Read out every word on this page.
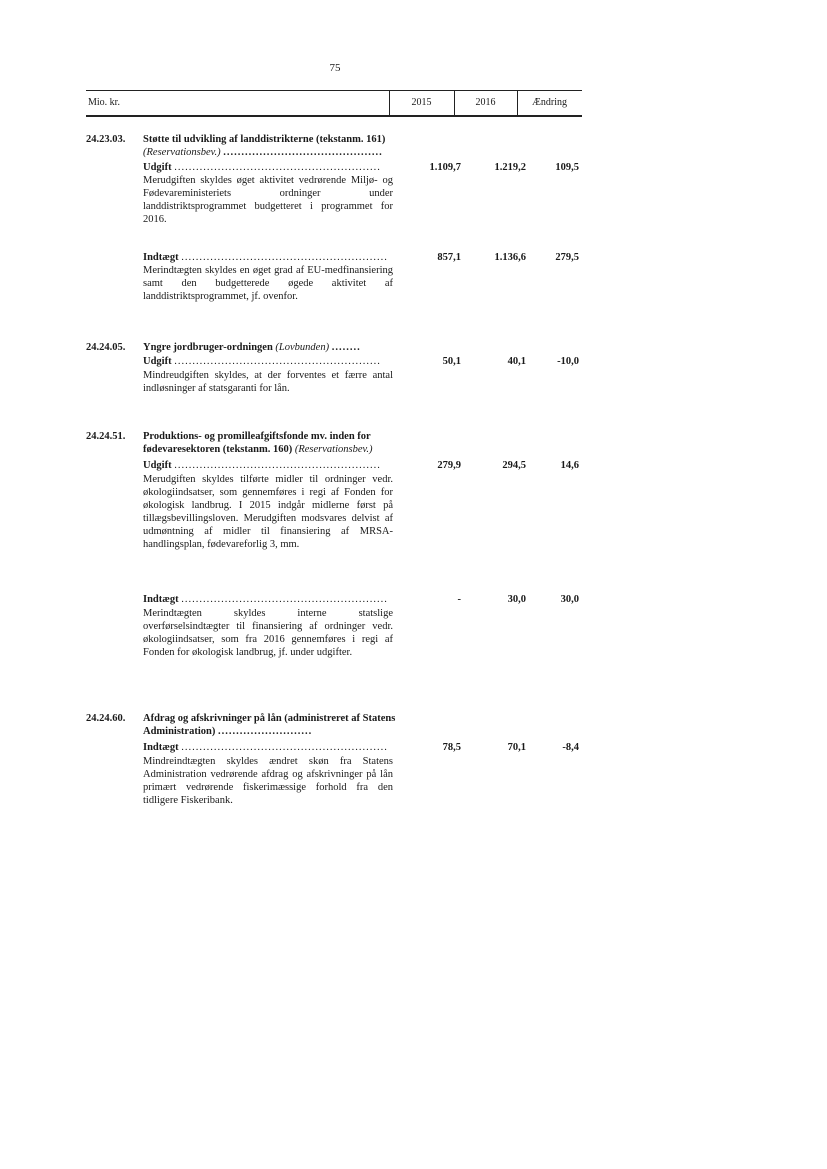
75
Mio. kr.	2015	2016	Ændring
24.23.03. Støtte til udvikling af landdistrikterne (tekstanm. 161) (Reservationsbev.) ............................................
Udgift .........................................................	1.109,7	1.219,2	109,5
Merudgiften skyldes øget aktivitet vedrørende Miljø- og Fødevareministeriets ordninger under landdistriktsprogrammet budgetteret i programmet for 2016.
Indtægt .........................................................	857,1	1.136,6	279,5
Merindtægten skyldes en øget grad af EU-medfinansiering samt den budgetterede øgede aktivitet af landdistriktsprogrammet, jf. ovenfor.
24.24.05. Yngre jordbruger-ordningen (Lovbunden) ........
Udgift .........................................................	50,1	40,1	-10,0
Mindreudgiften skyldes, at der forventes et færre antal indløsninger af statsgaranti for lån.
24.24.51. Produktions- og promilleafgiftsfonde mv. inden for fødevaresektoren (tekstanm. 160) (Reservationsbev.)
Udgift .........................................................	279,9	294,5	14,6
Merudgiften skyldes tilførte midler til ordninger vedr. økologiindsatser, som gennemføres i regi af Fonden for økologisk landbrug. I 2015 indgår midlerne først på tillægsbevillingsloven. Merudgiften modsvares delvist af udmøntning af midler til finansiering af MRSA-handlingsplan, fødevareforlig 3, mm.
Indtægt .........................................................	-	30,0	30,0
Merindtægten skyldes interne statslige overførselsindtægter til finansiering af ordninger vedr. økologiindsatser, som fra 2016 gennemføres i regi af Fonden for økologisk landbrug, jf. under udgifter.
24.24.60. Afdrag og afskrivninger på lån (administreret af Statens Administration) ..........................
Indtægt .........................................................	78,5	70,1	-8,4
Mindreindtægten skyldes ændret skøn fra Statens Administration vedrørende afdrag og afskrivninger på lån primært vedrørende fiskerimæssige forhold fra den tidligere Fiskeribank.
